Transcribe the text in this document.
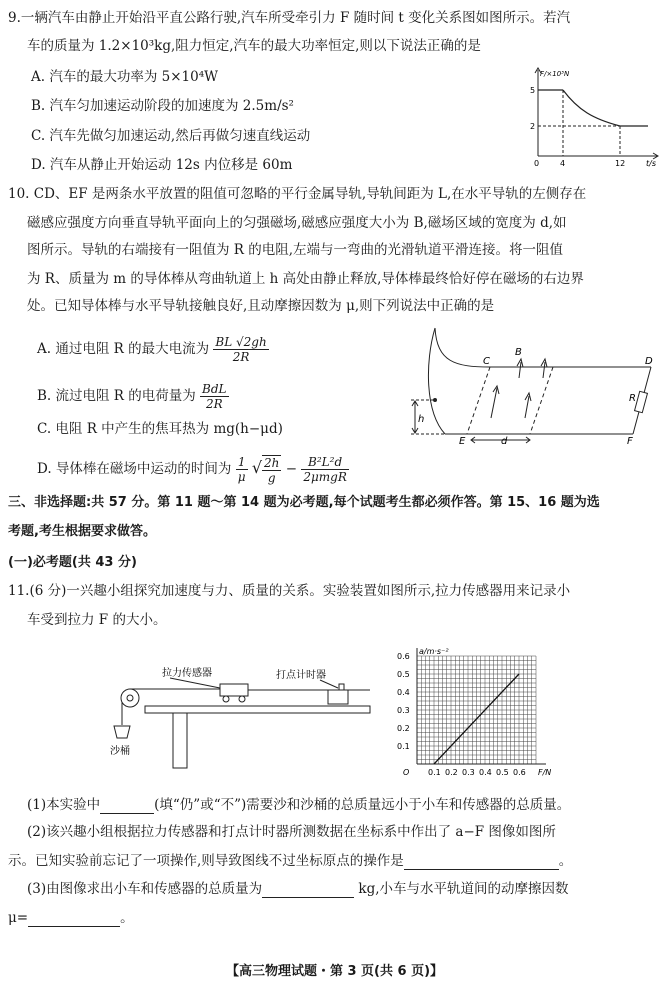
9.一辆汽车由静止开始沿平直公路行驶,汽车所受牵引力 F 随时间 t 变化关系图如图所示。若汽
车的质量为 1.2×10³kg,阻力恒定,汽车的最大功率恒定,则以下说法正确的是
A. 汽车的最大功率为 5×10⁴W
B. 汽车匀加速运动阶段的加速度为 2.5m/s²
C. 汽车先做匀加速运动,然后再做匀速直线运动
D. 汽车从静止开始运动 12s 内位移是 60m
F/×10³N
5
2
0	4	12	t/s
10. CD、EF 是两条水平放置的阻值可忽略的平行金属导轨,导轨间距为 L,在水平导轨的左侧存在
磁感应强度方向垂直导轨平面向上的匀强磁场,磁感应强度大小为 B,磁场区域的宽度为 d,如
图所示。导轨的右端接有一阻值为 R 的电阻,左端与一弯曲的光滑轨道平滑连接。将一阻值
为 R、质量为 m 的导体棒从弯曲轨道上 h 高处由静止释放,导体棒最终恰好停在磁场的右边界
处。已知导体棒与水平导轨接触良好,且动摩擦因数为 μ,则下列说法中正确的是
A. 通过电阻 R 的最大电流为 $\frac{BL √2gh}{2R}$
B. 流过电阻 R 的电荷量为 $\frac{\text{BdL}}{2R}$
C. 电阻 R 中产生的焦耳热为 mg(h−μd)
D. 导体棒在磁场中运动的时间为 $\frac{1}{\mu}$ √ $\frac{2h}{g} - \frac{\text{B²L²d}}{\text{2μmgR}}$
C
B
D
R
h
E	d	F
三、非选择题:共 57 分。第 11 题～第 14 题为必考题,每个试题考生都必须作答。第 15、16 题为选
考题,考生根据要求做答。
(一)必考题(共 43 分)
11.(6 分)一兴趣小组探究加速度与力、质量的关系。实验装置如图所示,拉力传感器用来记录小
车受到拉力 F 的大小。
拉力传感器	打点计时器
沙桶
0.1 0.2 0.3 0.4 0.5 0.6
0.1
0.2
0.3
0.4
0.5
0.6
O	F/N
a/m·s⁻²
(1)本实验中	(填“仍”或“不”)需要沙和沙桶的总质量远小于小车和传感器的总质量。
(2)该兴趣小组根据拉力传感器和打点计时器所测数据在坐标系中作出了 a−F 图像如图所
示。已知实验前忘记了一项操作,则导致图线不过坐标原点的操作是	。
(3)由图像求出小车和传感器的总质量为	kg,小车与水平轨道间的动摩擦因数
μ=	。
【高三物理试题・第 3 页(共 6 页)】
